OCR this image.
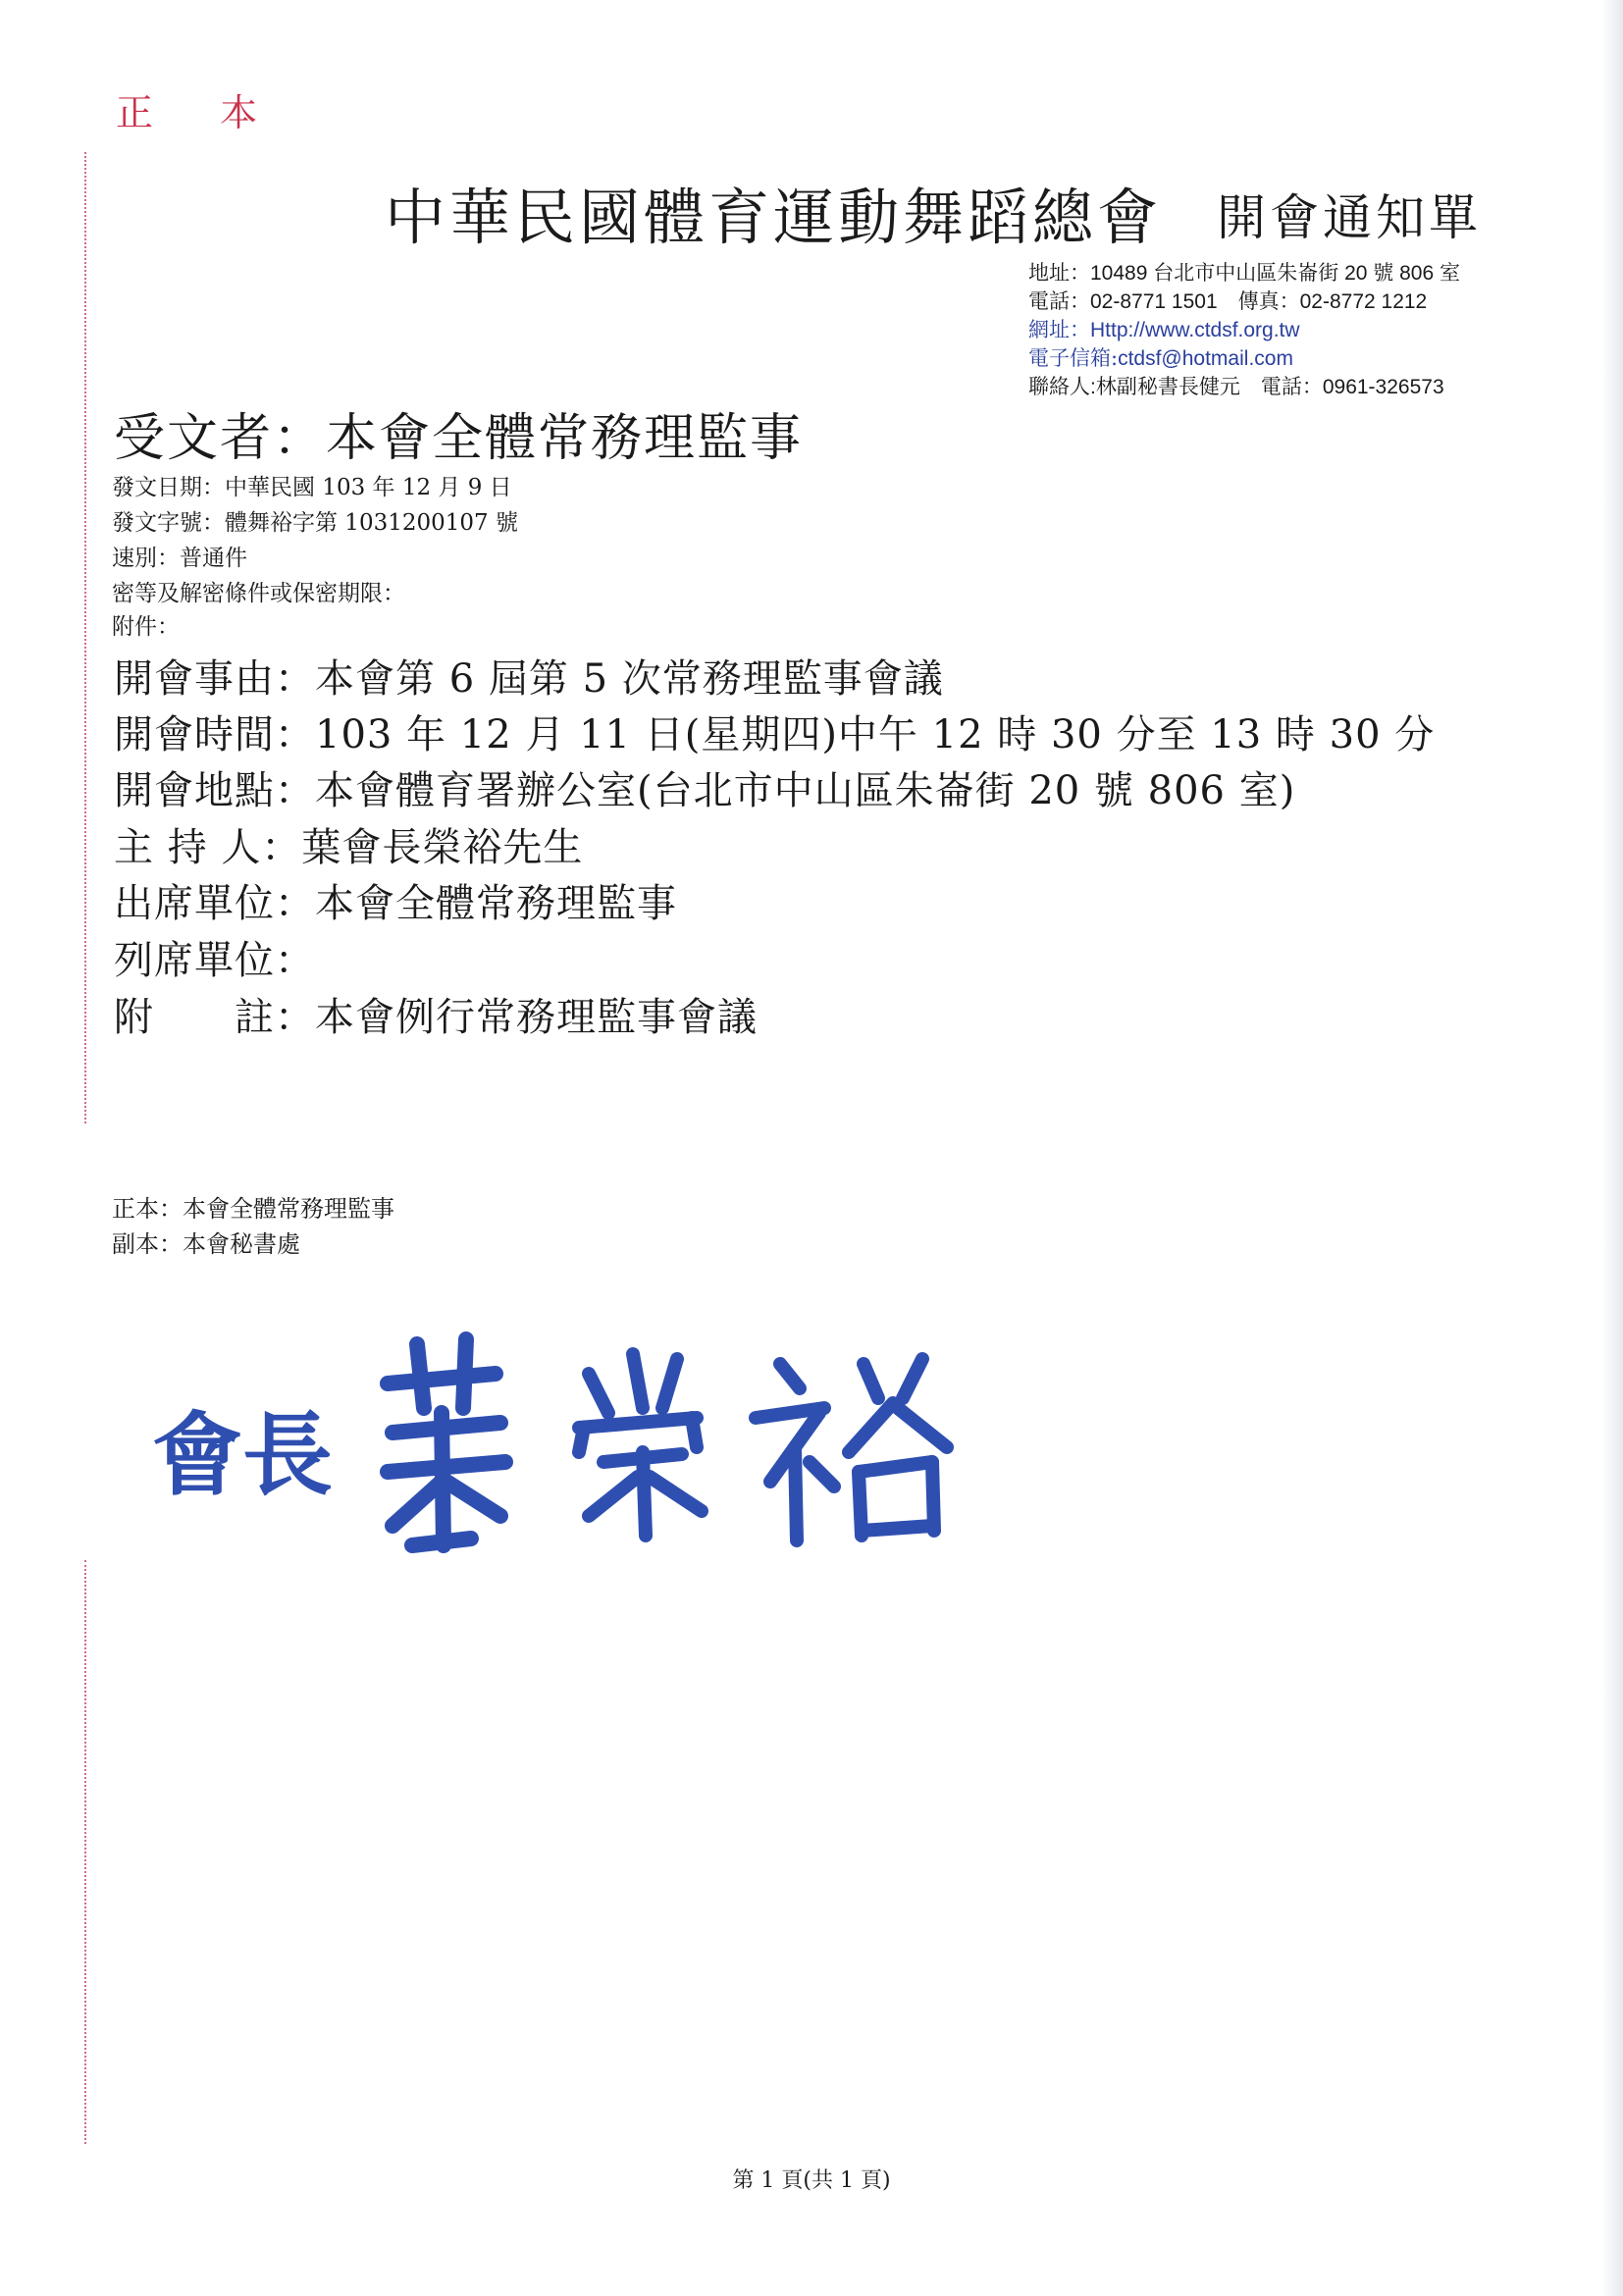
正 本
中華民國體育運動舞蹈總會 開會通知單
地址：10489 台北市中山區朱崙街 20 號 806 室
電話：02-8771 1501　傳真：02-8772 1212
網址：Http://www.ctdsf.org.tw
電子信箱:ctdsf@hotmail.com
聯絡人:林副秘書長健元　電話：0961-326573
受文者：本會全體常務理監事
發文日期：中華民國 103 年 12 月 9 日
發文字號：體舞裕字第 1031200107 號
速別：普通件
密等及解密條件或保密期限：
附件：
開會事由：本會第 6 屆第 5 次常務理監事會議
開會時間：103 年 12 月 11 日(星期四)中午 12 時 30 分至 13 時 30 分
開會地點：本會體育署辦公室(台北市中山區朱崙街 20 號 806 室)
主 持 人：葉會長榮裕先生
出席單位：本會全體常務理監事
列席單位：
附　　註：本會例行常務理監事會議
正本：本會全體常務理監事
副本：本會秘書處
會長
第 1 頁(共 1 頁)
